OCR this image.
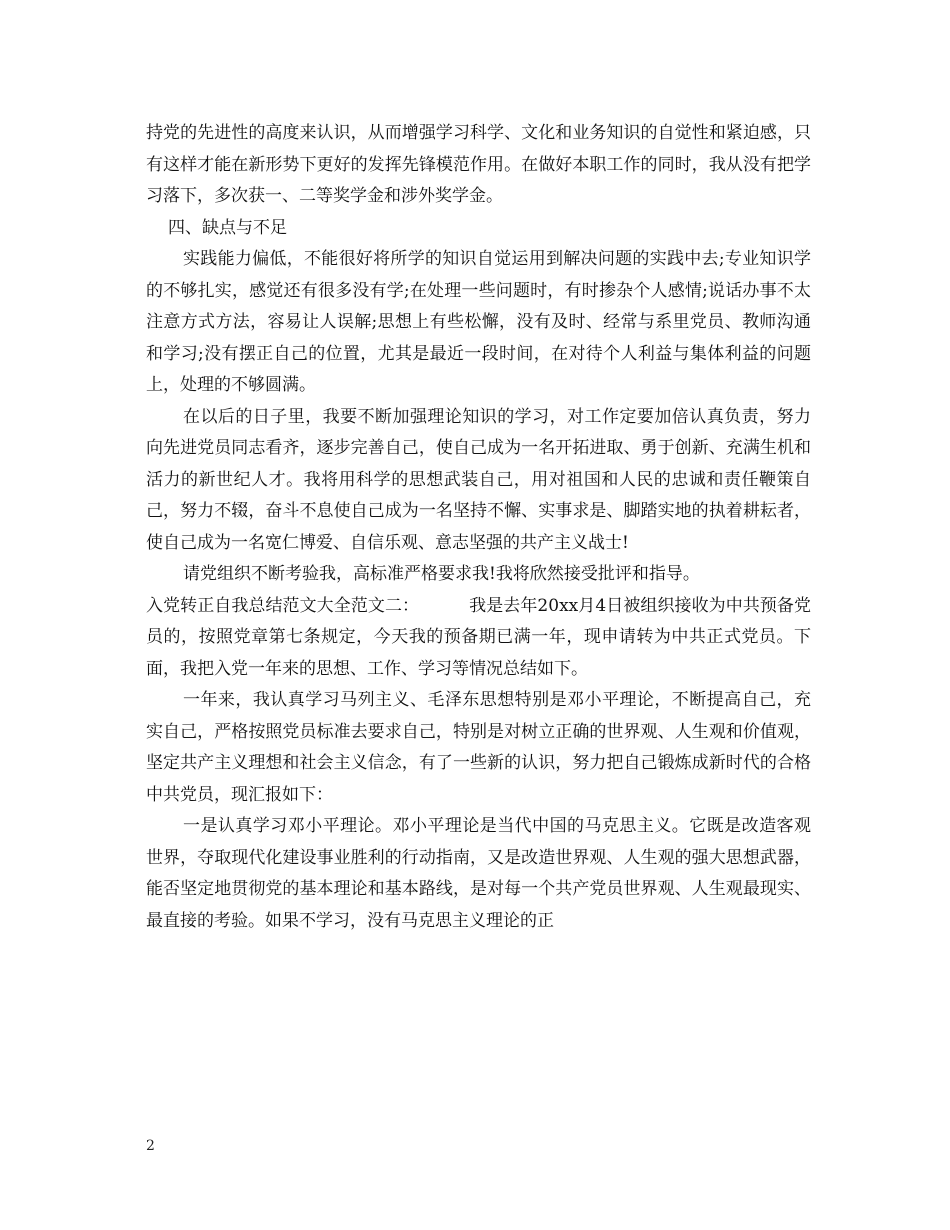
持党的先进性的高度来认识，从而增强学习科学、文化和业务知识的自觉性和紧迫感，只有这样才能在新形势下更好的发挥先锋模范作用。在做好本职工作的同时，我从没有把学习落下，多次获一、二等奖学金和涉外奖学金。

四、缺点与不足

实践能力偏低，不能很好将所学的知识自觉运用到解决问题的实践中去;专业知识学的不够扎实，感觉还有很多没有学;在处理一些问题时，有时掺杂个人感情;说话办事不太注意方式方法，容易让人误解;思想上有些松懈，没有及时、经常与系里党员、教师沟通和学习;没有摆正自己的位置，尤其是最近一段时间，在对待个人利益与集体利益的问题上，处理的不够圆满。

在以后的日子里，我要不断加强理论知识的学习，对工作定要加倍认真负责，努力向先进党员同志看齐，逐步完善自己，使自己成为一名开拓进取、勇于创新、充满生机和活力的新世纪人才。我将用科学的思想武装自己，用对祖国和人民的忠诚和责任鞭策自己，努力不辍，奋斗不息使自己成为一名坚持不懈、实事求是、脚踏实地的执着耕耘者，使自己成为一名宽仁博爱、自信乐观、意志坚强的共产主义战士!

请党组织不断考验我，高标准严格要求我!我将欣然接受批评和指导。

入党转正自我总结范文大全范文二：	我是去年20xx月4日被组织接收为中共预备党员的，按照党章第七条规定，今天我的预备期已满一年，现申请转为中共正式党员。下面，我把入党一年来的思想、工作、学习等情况总结如下。

一年来，我认真学习马列主义、毛泽东思想特别是邓小平理论，不断提高自己，充实自己，严格按照党员标准去要求自己，特别是对树立正确的世界观、人生观和价值观，坚定共产主义理想和社会主义信念，有了一些新的认识，努力把自己锻炼成新时代的合格中共党员，现汇报如下：

一是认真学习邓小平理论。邓小平理论是当代中国的马克思主义。它既是改造客观世界，夺取现代化建设事业胜利的行动指南，又是改造世界观、人生观的强大思想武器，能否坚定地贯彻党的基本理论和基本路线，是对每一个共产党员世界观、人生观最现实、最直接的考验。如果不学习，没有马克思主义理论的正

2
